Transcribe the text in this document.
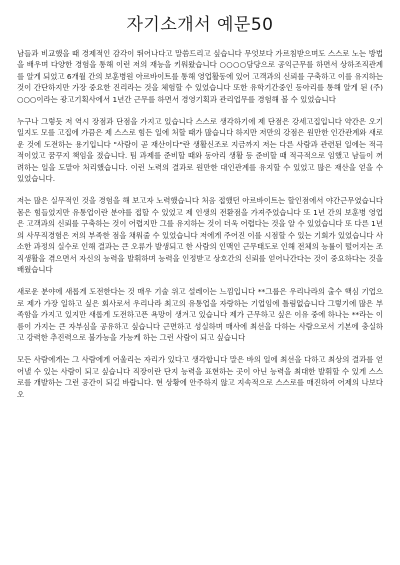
자기소개서 예문50

남들과 비교했을 때 경제적인 감각이 뛰어나다고 말씀드리고 싶습니다 무엇보다 가르침받으며도 스스로 노는 방법을 배우며 다양한 경험을 통해 이런 저의 재능을 키워왔습니다 ○○○○담당으로 공익근무를 하면서 상하조직관계를 알게 되었고 6개월 간의 보훈병원 아르바이트를 통해 영업활동에 있어 고객과의 신뢰를 구축하고 이를 유지하는 것이 간단하지만 가장 중요한 진리라는 것을 체험할 수 있었습니다 또한 유학기간중인 동아리를 통해 알게 된 (주)○○○이라는 광고기획사에서 1년간 근무를 하면서 경영기획과 관리업무를 경험해 볼 수 있었습니다

누구나 그렇듯 저 역시 장점과 단점을 가지고 있습니다 스스로 생각하기에 제 단점은 강세고집입니다 약간은 오기일지도 모를 고집에 가끔은 제 스스로 힘든 일에 처할 때가 많습니다 하지만 저만의 강점은 원만한 인간관계와 새로운 것에 도전하는 용기입니다 "사람이 곧 재산이다"란 생활신조로 지금까지 저는 다른 사람과 관련된 일에는 적극적이었고 꿈꾸지 책임을 졌습니다. 팀 과제를 준비할 때와 동아리 생활 등 준비할 때 적극적으로 임했고 남들이 꺼려하는 일을 도맡아 처리했습니다. 이런 노력의 결과로 원만한 대인관계를 유지할 수 있었고 많은 재산을 얻을 수 있었습니다.

저는 많은 실무적인 것을 경험을 해 보고자 노력했습니다 처음 접했던 아르바이트는 할인점에서 야간근무였습니다 몸은 힘들었지만 유통업이란 분야를 접할 수 있었고 제 인생의 전환점을 가져주었습니다 또 1년 간의 보훈병 영업은 고객과의 신뢰를 구축하는 것이 어렵지만 그를 유지하는 것이 더욱 어렵다는 것을 알 수 있었습니다 또 다른 1년의 사무직경험은 저의 부족한 점을 채워줄 수 있었습니다 저에게 주어진 이를 시점할 수 있는 기회가 있었습니다 사소한 과정의 실수로 인해 결과는 큰 오류가 발생되고 한 사람의 인맥인 근무태도로 인해 전체의 능률이 떨어지는 조직생활을 겪으면서 자신의 능력을 발휘하며 능력을 인정받고 상호간의 신뢰를 얻어나간다는 것이 중요하다는 것을 배웠습니다

새로운 분야에 새롭게 도전한다는 것 매우 기술 위고 설레이는 느낌입니다 **그룹은 우리나라의 출수 핵심 기업으로 제가 가장 일하고 싶은 회사로서 우리나라 최고의 유통업을 자랑하는 기업임에 틀림없습니다 그렇기에 많은 부족함을 가지고 있지만 새롭게 도전하고픈 욕망이 생겨고 있습니다 제가 근무하고 싶은 이유 중에 하나는 **라는 이름이 가지는 큰 자부심을 공유하고 싶습니다 근면하고 성실하며 매사에 최선을 다하는 사람으로서 기본에 충실하고 강력한 추진력으로 불가능을 가능케 하는 그런 사람이 되고 싶습니다

모든 사람에게는 그 사람에게 어울리는 자리가 있다고 생각합니다 말은 바의 일에 최선을 다하고 최상의 결과를 얻어낼 수 있는 사람이 되고 싶습니다 직장이란 단지 능력을 표현하는 곳이 아닌 능력을 최대한 발휘할 수 있게 스스로를 개발하는 그런 공간이 되길 바랍니다. 현 상황에 안주하지 않고 지속적으로 스스로를 매진하여 어제의 나보다 오
